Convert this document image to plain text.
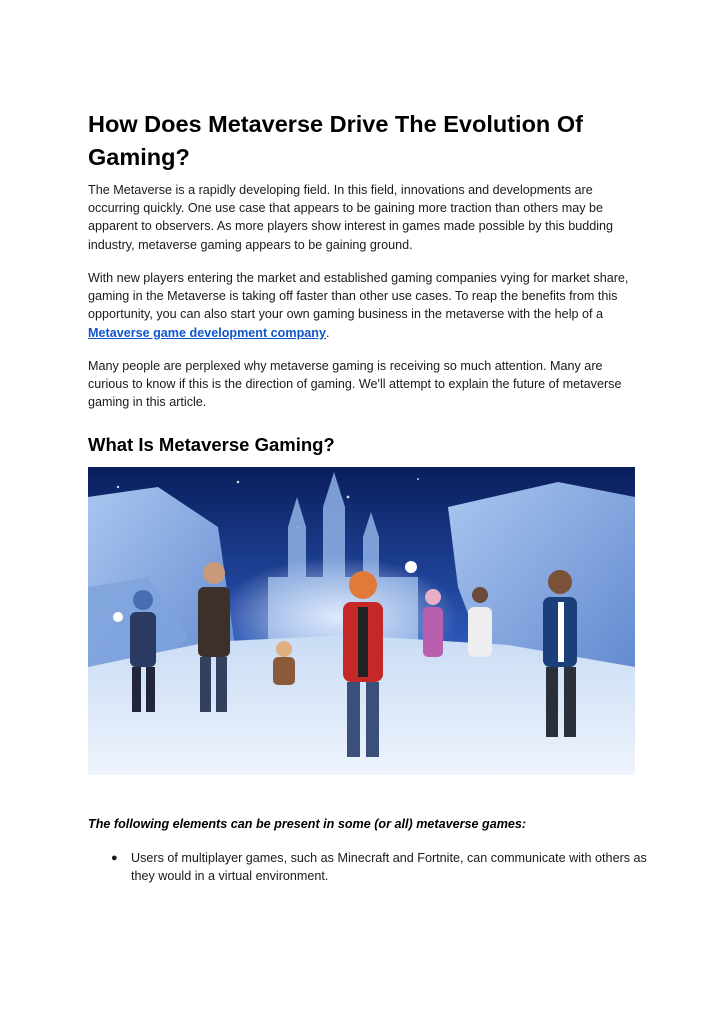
How Does Metaverse Drive The Evolution Of Gaming?

The Metaverse is a rapidly developing field. In this field, innovations and developments are occurring quickly. One use case that appears to be gaining more traction than others may be apparent to observers. As more players show interest in games made possible by this budding industry, metaverse gaming appears to be gaining ground.

With new players entering the market and established gaming companies vying for market share, gaming in the Metaverse is taking off faster than other use cases. To reap the benefits from this opportunity, you can also start your own gaming business in the metaverse with the help of a Metaverse game development company.

Many people are perplexed why metaverse gaming is receiving so much attention. Many are curious to know if this is the direction of gaming. We'll attempt to explain the future of metaverse gaming in this article.

What Is Metaverse Gaming?

The following elements can be present in some (or all) metaverse games:

● Users of multiplayer games, such as Minecraft and Fortnite, can communicate with others as they would in a virtual environment.
